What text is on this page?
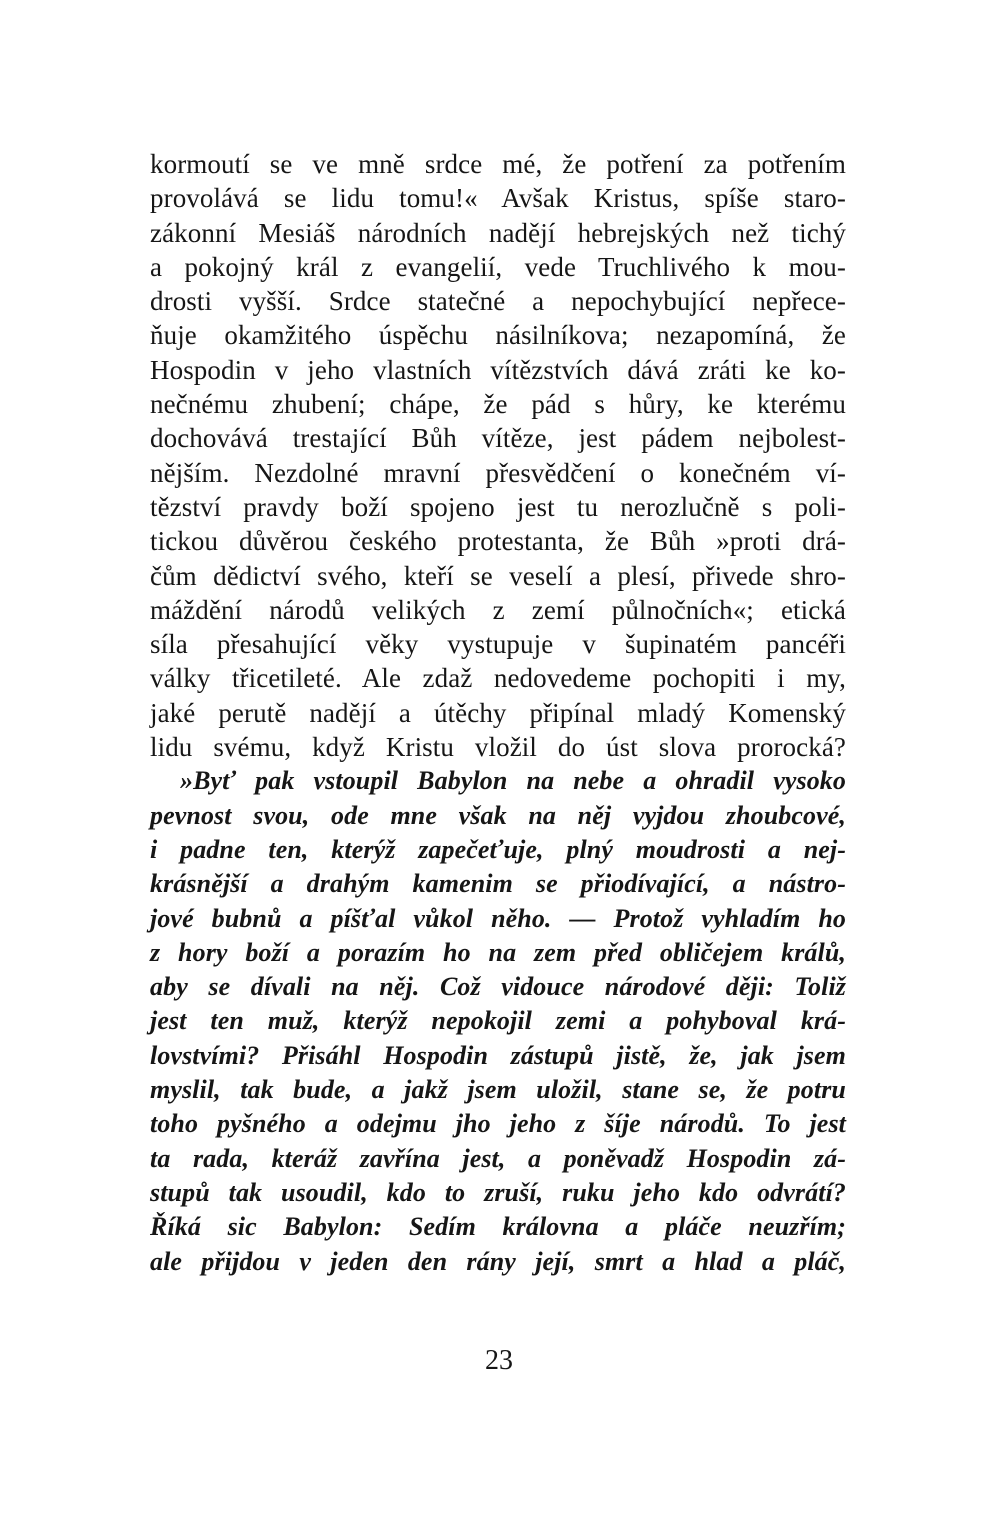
kormoutí se ve mně srdce mé, že potření za potřením
provolává se lidu tomu!« Avšak Kristus, spíše staro-
zákonní Mesiáš národních nadějí hebrejských než tichý
a pokojný král z evangelií, vede Truchlivého k mou-
drosti vyšší. Srdce statečné a nepochybující nepřece-
ňuje okamžitého úspěchu násilníkova; nezapomíná, že
Hospodin v jeho vlastních vítězstvích dává zráti ke ko-
nečnému zhubení; chápe, že pád s hůry, ke kterému
dochovává trestající Bůh vítěze, jest pádem nejbolest-
nějším. Nezdolné mravní přesvědčení o konečném ví-
tězství pravdy boží spojeno jest tu nerozlučně s poli-
tickou důvěrou českého protestanta, že Bůh »proti drá-
čům dědictví svého, kteří se veselí a plesí, přivede shro-
máždění národů velikých z zemí půlnočních«; etická
síla přesahující věky vystupuje v šupinatém pancéři
války třicetileté. Ale zdaž nedovedeme pochopiti i my,
jaké perutě nadějí a útěchy připínal mladý Komenský
lidu svému, když Kristu vložil do úst slova prorocká?
»Byť pak vstoupil Babylon na nebe a ohradil vysoko
pevnost svou, ode mne však na něj vyjdou zhoubcové,
i padne ten, kterýž zapečeťuje, plný moudrosti a nej-
krásnější a drahým kamenim se přiodívající, a nástro-
jové bubnů a píšťal vůkol něho. — Protož vyhladím ho
z hory boží a porazím ho na zem před obličejem králů,
aby se dívali na něj. Což vidouce národové ději: Toliž
jest ten muž, kterýž nepokojil zemi a pohyboval krá-
lovstvími? Přisáhl Hospodin zástupů jistě, že, jak jsem
myslil, tak bude, a jakž jsem uložil, stane se, že potru
toho pyšného a odejmu jho jeho z šíje národů. To jest
ta rada, kteráž zavřína jest, a poněvadž Hospodin zá-
stupů tak usoudil, kdo to zruší, ruku jeho kdo odvrátí?
Říká sic Babylon: Sedím královna a pláče neuzřím;
ale přijdou v jeden den rány její, smrt a hlad a pláč,
23
